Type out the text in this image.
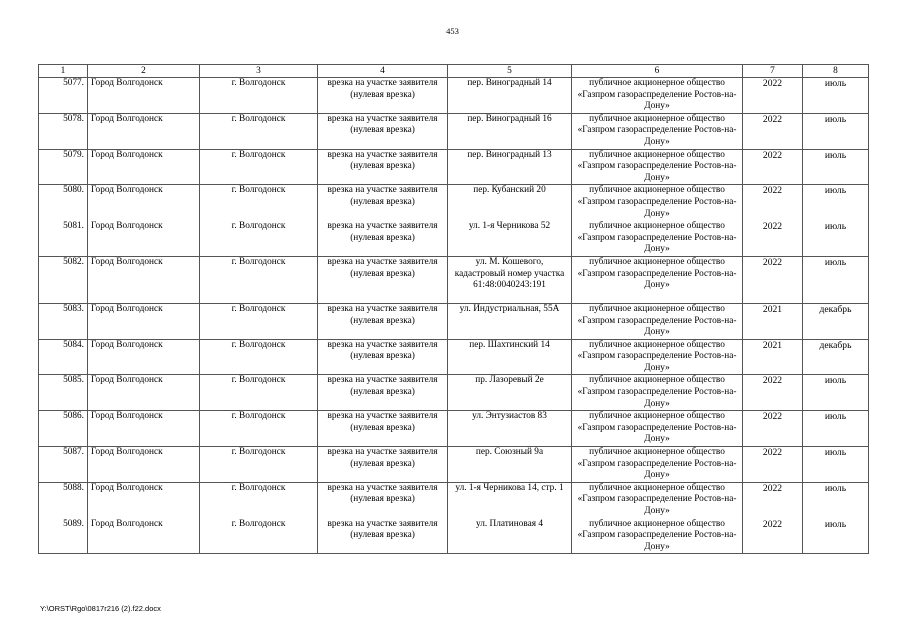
453
1	2	3	4	5	6	7	8
5077.	Город Волгодонск	г. Волгодонск	врезка на участке заявителя (нулевая врезка)	пер. Виноградный 14	публичное акционерное общество «Газпром газораспределение Ростов-на-Дону»	2022	июль
5078.	Город Волгодонск	г. Волгодонск	врезка на участке заявителя (нулевая врезка)	пер. Виноградный 16	публичное акционерное общество «Газпром газораспределение Ростов-на-Дону»	2022	июль
5079.	Город Волгодонск	г. Волгодонск	врезка на участке заявителя (нулевая врезка)	пер. Виноградный 13	публичное акционерное общество «Газпром газораспределение Ростов-на-Дону»	2022	июль
5080.	Город Волгодонск	г. Волгодонск	врезка на участке заявителя (нулевая врезка)	пер. Кубанский 20	публичное акционерное общество «Газпром газораспределение Ростов-на-Дону»	2022	июль
5081.	Город Волгодонск	г. Волгодонск	врезка на участке заявителя (нулевая врезка)	ул. 1-я Черникова 52	публичное акционерное общество «Газпром газораспределение Ростов-на-Дону»	2022	июль
5082.	Город Волгодонск	г. Волгодонск	врезка на участке заявителя (нулевая врезка)	ул. М. Кошевого, кадастровый номер участка 61:48:0040243:191	публичное акционерное общество «Газпром газораспределение Ростов-на-Дону»	2022	июль
5083.	Город Волгодонск	г. Волгодонск	врезка на участке заявителя (нулевая врезка)	ул. Индустриальная, 55А	публичное акционерное общество «Газпром газораспределение Ростов-на-Дону»	2021	декабрь
5084.	Город Волгодонск	г. Волгодонск	врезка на участке заявителя (нулевая врезка)	пер. Шахтинский 14	публичное акционерное общество «Газпром газораспределение Ростов-на-Дону»	2021	декабрь
5085.	Город Волгодонск	г. Волгодонск	врезка на участке заявителя (нулевая врезка)	пр. Лазоревый 2е	публичное акционерное общество «Газпром газораспределение Ростов-на-Дону»	2022	июль
5086.	Город Волгодонск	г. Волгодонск	врезка на участке заявителя (нулевая врезка)	ул. Энтузиастов 83	публичное акционерное общество «Газпром газораспределение Ростов-на-Дону»	2022	июль
5087.	Город Волгодонск	г. Волгодонск	врезка на участке заявителя (нулевая врезка)	пер. Союзный 9а	публичное акционерное общество «Газпром газораспределение Ростов-на-Дону»	2022	июль
5088.	Город Волгодонск	г. Волгодонск	врезка на участке заявителя (нулевая врезка)	ул. 1-я Черникова 14, стр. 1	публичное акционерное общество «Газпром газораспределение Ростов-на-Дону»	2022	июль
5089.	Город Волгодонск	г. Волгодонск	врезка на участке заявителя (нулевая врезка)	ул. Платиновая 4	публичное акционерное общество «Газпром газораспределение Ростов-на-Дону»	2022	июль
Y:\ORST\Rgo\0817r216 (2).f22.docx
